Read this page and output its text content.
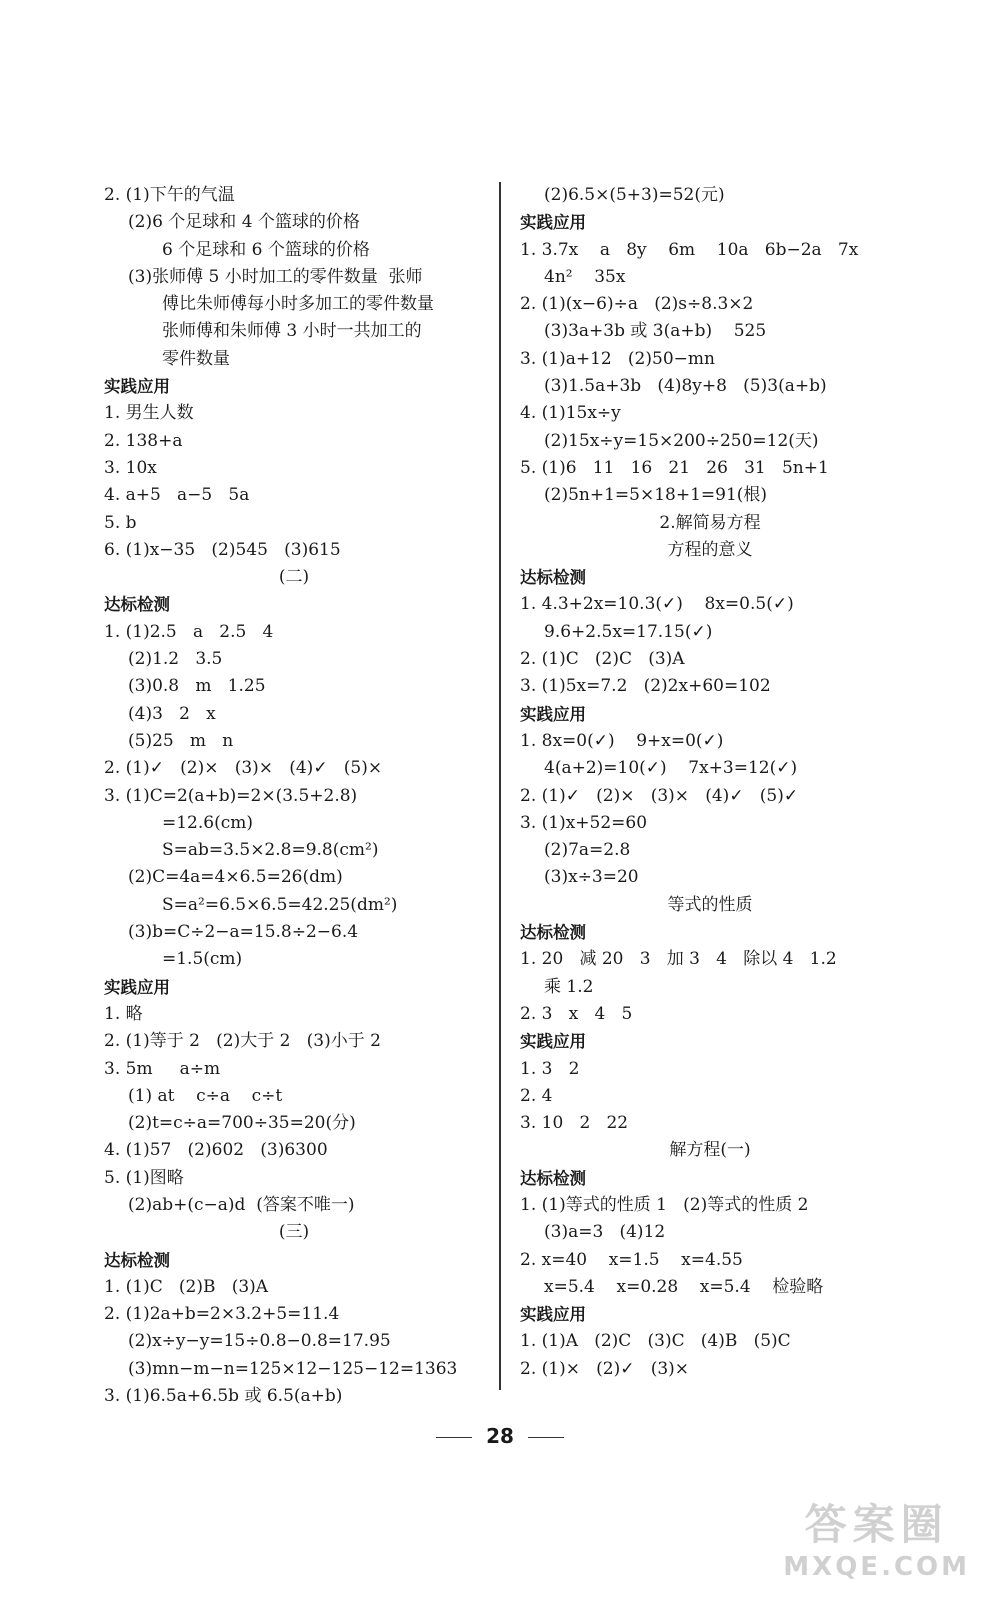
2. (1)下午的气温
(2)6 个足球和 4 个篮球的价格
6 个足球和 6 个篮球的价格
(3)张师傅 5 小时加工的零件数量  张师
傅比朱师傅每小时多加工的零件数量
张师傅和朱师傅 3 小时一共加工的
零件数量
实践应用
1. 男生人数
2. 138+a
3. 10x
4. a+5   a−5   5a
5. b
6. (1)x−35   (2)545   (3)615
(二)
达标检测
1. (1)2.5   a   2.5   4
(2)1.2   3.5
(3)0.8   m   1.25
(4)3   2   x
(5)25   m   n
2. (1)✓   (2)×   (3)×   (4)✓   (5)×
3. (1)C=2(a+b)=2×(3.5+2.8)
=12.6(cm)
S=ab=3.5×2.8=9.8(cm²)
(2)C=4a=4×6.5=26(dm)
S=a²=6.5×6.5=42.25(dm²)
(3)b=C÷2−a=15.8÷2−6.4
=1.5(cm)
实践应用
1. 略
2. (1)等于 2   (2)大于 2   (3)小于 2
3. 5m     a÷m
(1) at    c÷a    c÷t
(2)t=c÷a=700÷35=20(分)
4. (1)57   (2)602   (3)6300
5. (1)图略
(2)ab+(c−a)d  (答案不唯一)
(三)
达标检测
1. (1)C   (2)B   (3)A
2. (1)2a+b=2×3.2+5=11.4
(2)x÷y−y=15÷0.8−0.8=17.95
(3)mn−m−n=125×12−125−12=1363
3. (1)6.5a+6.5b 或 6.5(a+b)
(2)6.5×(5+3)=52(元)
实践应用
1. 3.7x    a   8y    6m    10a   6b−2a   7x
4n²    35x
2. (1)(x−6)÷a   (2)s÷8.3×2
(3)3a+3b 或 3(a+b)    525
3. (1)a+12   (2)50−mn
(3)1.5a+3b   (4)8y+8   (5)3(a+b)
4. (1)15x÷y
(2)15x÷y=15×200÷250=12(天)
5. (1)6   11   16   21   26   31   5n+1
(2)5n+1=5×18+1=91(根)
2.解简易方程
方程的意义
达标检测
1. 4.3+2x=10.3(✓)    8x=0.5(✓)
9.6+2.5x=17.15(✓)
2. (1)C   (2)C   (3)A
3. (1)5x=7.2   (2)2x+60=102
实践应用
1. 8x=0(✓)    9+x=0(✓)
4(a+2)=10(✓)    7x+3=12(✓)
2. (1)✓   (2)×   (3)×   (4)✓   (5)✓
3. (1)x+52=60
(2)7a=2.8
(3)x÷3=20
等式的性质
达标检测
1. 20   减 20   3   加 3   4   除以 4   1.2
乘 1.2
2. 3   x   4   5
实践应用
1. 3   2
2. 4
3. 10   2   22
解方程(一)
达标检测
1. (1)等式的性质 1   (2)等式的性质 2
(3)a=3   (4)12
2. x=40    x=1.5    x=4.55
x=5.4    x=0.28    x=5.4    检验略
实践应用
1. (1)A   (2)C   (3)C   (4)B   (5)C
2. (1)×   (2)✓   (3)×
28
答案圈
MXQE.COM
